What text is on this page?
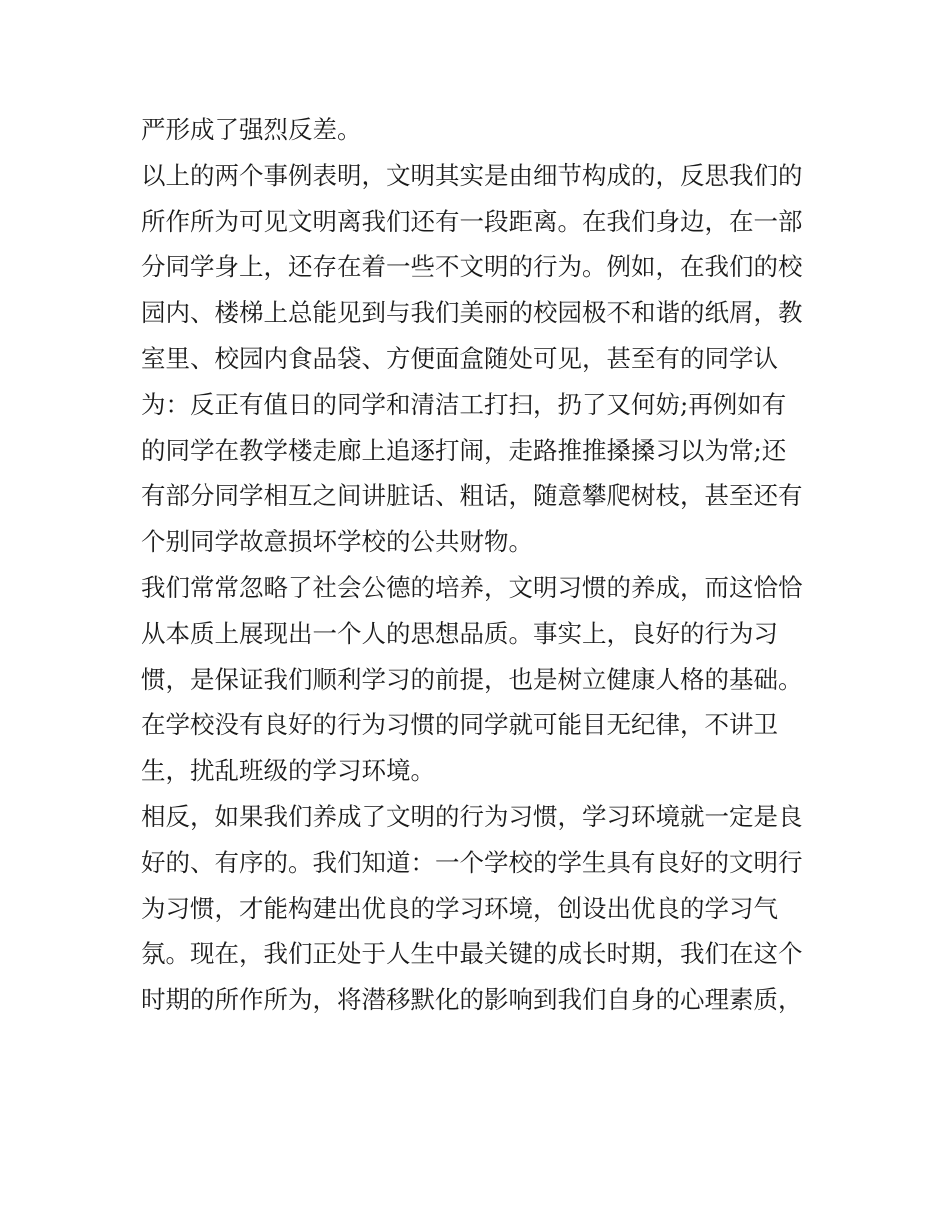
严形成了强烈反差。
以上的两个事例表明，文明其实是由细节构成的，反思我们的
所作所为可见文明离我们还有一段距离。在我们身边，在一部
分同学身上，还存在着一些不文明的行为。例如，在我们的校
园内、楼梯上总能见到与我们美丽的校园极不和谐的纸屑，教
室里、校园内食品袋、方便面盒随处可见，甚至有的同学认
为：反正有值日的同学和清洁工打扫，扔了又何妨;再例如有
的同学在教学楼走廊上追逐打闹，走路推推搡搡习以为常;还
有部分同学相互之间讲脏话、粗话，随意攀爬树枝，甚至还有
个别同学故意损坏学校的公共财物。
我们常常忽略了社会公德的培养，文明习惯的养成，而这恰恰
从本质上展现出一个人的思想品质。事实上，良好的行为习
惯，是保证我们顺利学习的前提，也是树立健康人格的基础。
在学校没有良好的行为习惯的同学就可能目无纪律，不讲卫
生，扰乱班级的学习环境。
相反，如果我们养成了文明的行为习惯，学习环境就一定是良
好的、有序的。我们知道：一个学校的学生具有良好的文明行
为习惯，才能构建出优良的学习环境，创设出优良的学习气
氛。现在，我们正处于人生中最关键的成长时期，我们在这个
时期的所作所为，将潜移默化的影响到我们自身的心理素质，
